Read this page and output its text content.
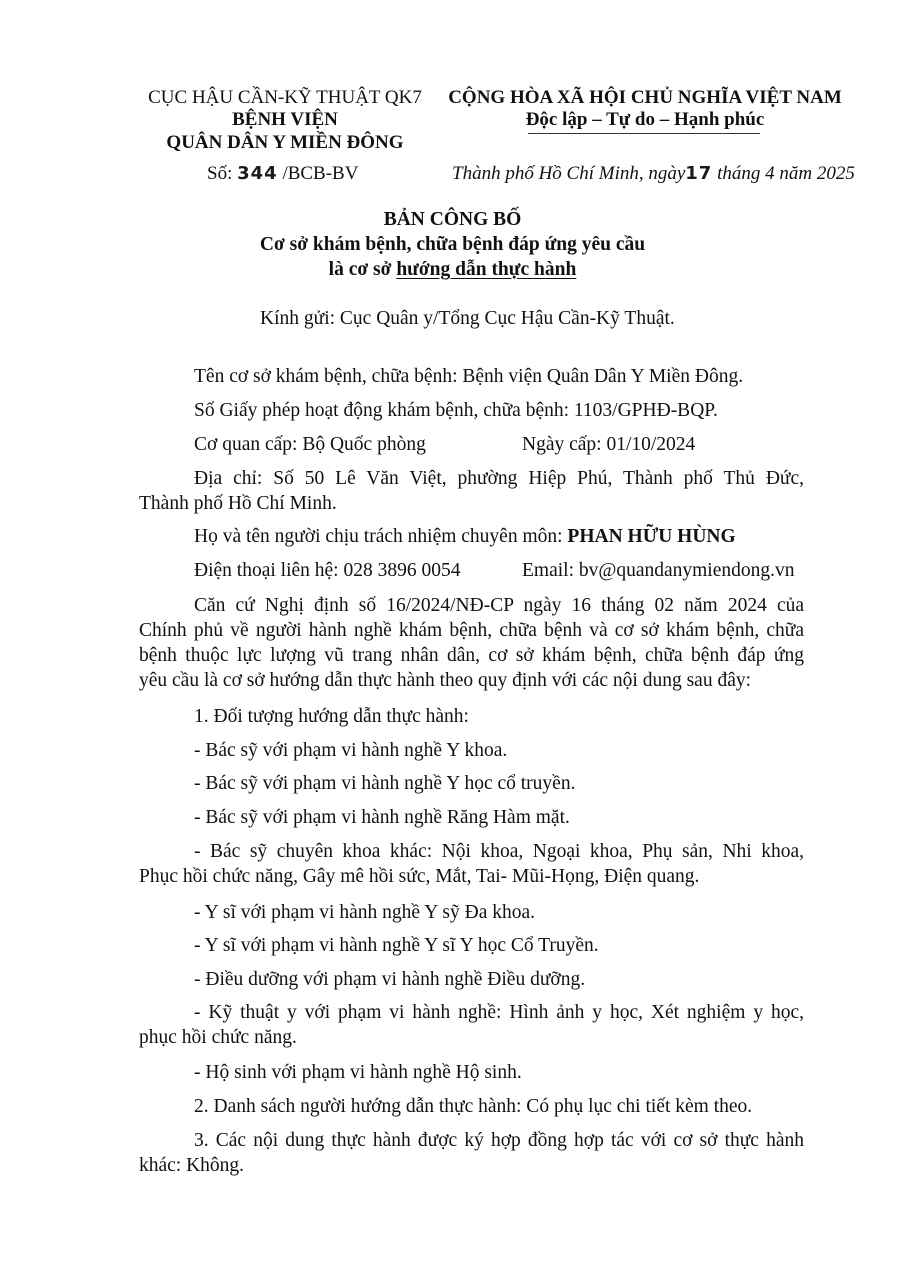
CỤC HẬU CẦN-KỸ THUẬT QK7
BỆNH VIỆN
QUÂN DÂN Y MIỀN ĐÔNG
Số: 344 /BCB-BV
CỘNG HÒA XÃ HỘI CHỦ NGHĨA VIỆT NAM
Độc lập – Tự do – Hạnh phúc
Thành phố Hồ Chí Minh, ngày17 tháng 4 năm 2025
BẢN CÔNG BỐ
Cơ sở khám bệnh, chữa bệnh đáp ứng yêu cầu
là cơ sở hướng dẫn thực hành
Kính gửi: Cục Quân y/Tổng Cục Hậu Cần-Kỹ Thuật.
Tên cơ sở khám bệnh, chữa bệnh: Bệnh viện Quân Dân Y Miền Đông.
Số Giấy phép hoạt động khám bệnh, chữa bệnh: 1103/GPHĐ-BQP.
Cơ quan cấp: Bộ Quốc phòng	Ngày cấp: 01/10/2024
Địa chỉ: Số 50 Lê Văn Việt, phường Hiệp Phú, Thành phố Thủ Đức,
Thành phố Hồ Chí Minh.
Họ và tên người chịu trách nhiệm chuyên môn: PHAN HỮU HÙNG
Điện thoại liên hệ: 028 3896 0054	Email: bv@quandanymiendong.vn
Căn cứ Nghị định số 16/2024/NĐ-CP ngày 16 tháng 02 năm 2024 của
Chính phủ về người hành nghề khám bệnh, chữa bệnh và cơ sở khám bệnh, chữa
bệnh thuộc lực lượng vũ trang nhân dân, cơ sở khám bệnh, chữa bệnh đáp ứng
yêu cầu là cơ sở hướng dẫn thực hành theo quy định với các nội dung sau đây:
1. Đối tượng hướng dẫn thực hành:
- Bác sỹ với phạm vi hành nghề Y khoa.
- Bác sỹ với phạm vi hành nghề Y học cổ truyền.
- Bác sỹ với phạm vi hành nghề Răng Hàm mặt.
- Bác sỹ chuyên khoa khác: Nội khoa, Ngoại khoa, Phụ sản, Nhi khoa,
Phục hồi chức năng, Gây mê hồi sức, Mắt, Tai- Mũi-Họng, Điện quang.
- Y sĩ với phạm vi hành nghề Y sỹ Đa khoa.
- Y sĩ với phạm vi hành nghề Y sĩ Y học Cổ Truyền.
- Điều dưỡng với phạm vi hành nghề Điều dưỡng.
- Kỹ thuật y với phạm vi hành nghề: Hình ảnh y học, Xét nghiệm y học,
phục hồi chức năng.
- Hộ sinh với phạm vi hành nghề Hộ sinh.
2. Danh sách người hướng dẫn thực hành: Có phụ lục chi tiết kèm theo.
3. Các nội dung thực hành được ký hợp đồng hợp tác với cơ sở thực hành
khác: Không.
